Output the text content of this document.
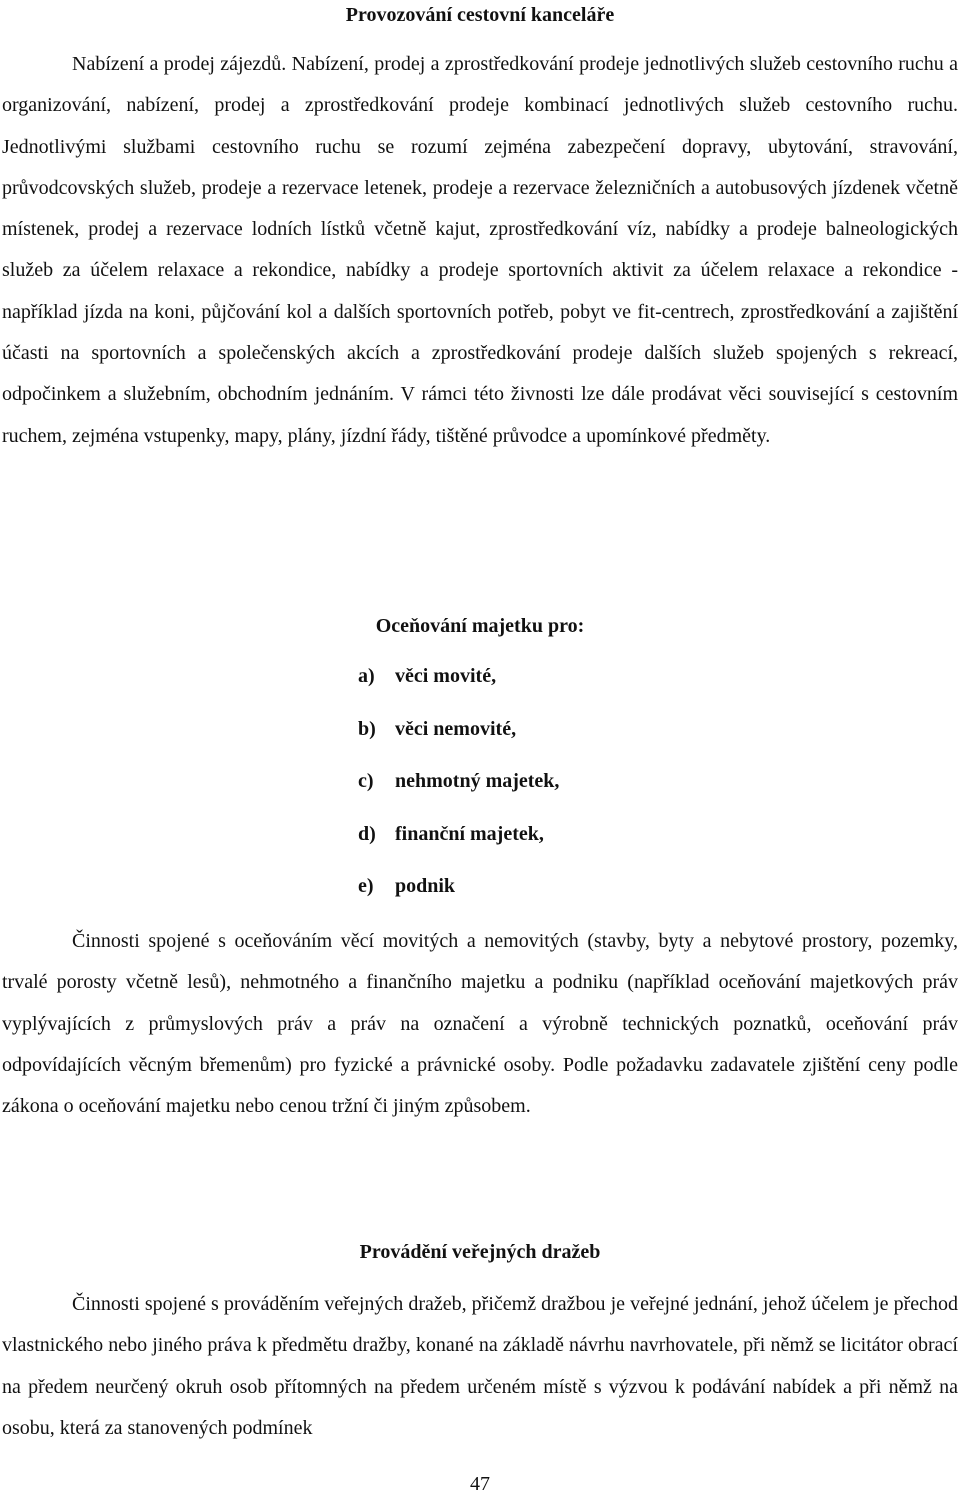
Provozování cestovní kanceláře

Nabízení a prodej zájezdů. Nabízení, prodej a zprostředkování prodeje jednotlivých služeb cestovního ruchu a organizování, nabízení, prodej a zprostředkování prodeje kombinací jednotlivých služeb cestovního ruchu. Jednotlivými službami cestovního ruchu se rozumí zejména zabezpečení dopravy, ubytování, stravování, průvodcovských služeb, prodeje a rezervace letenek, prodeje a rezervace železničních a autobusových jízdenek včetně místenek, prodej a rezervace lodních lístků včetně kajut, zprostředkování víz, nabídky a prodeje balneologických služeb za účelem relaxace a rekondice, nabídky a prodeje sportovních aktivit za účelem relaxace a rekondice - například jízda na koni, půjčování kol a dalších sportovních potřeb, pobyt ve fit-centrech, zprostředkování a zajištění účasti na sportovních a společenských akcích a zprostředkování prodeje dalších služeb spojených s rekreací, odpočinkem a služebním, obchodním jednáním. V rámci této živnosti lze dále prodávat věci související s cestovním ruchem, zejména vstupenky, mapy, plány, jízdní řády, tištěné průvodce a upomínkové předměty.

Oceňování majetku pro:
a) věci movité,
b) věci nemovité,
c) nehmotný majetek,
d) finanční majetek,
e) podnik

Činnosti spojené s oceňováním věcí movitých a nemovitých (stavby, byty a nebytové prostory, pozemky, trvalé porosty včetně lesů), nehmotného a finančního majetku a podniku (například oceňování majetkových práv vyplývajících z průmyslových práv a práv na označení a výrobně technických poznatků, oceňování práv odpovídajících věcným břemenům) pro fyzické a právnické osoby. Podle požadavku zadavatele zjištění ceny podle zákona o oceňování majetku nebo cenou tržní či jiným způsobem.

Provádění veřejných dražeb

Činnosti spojené s prováděním veřejných dražeb, přičemž dražbou je veřejné jednání, jehož účelem je přechod vlastnického nebo jiného práva k předmětu dražby, konané na základě návrhu navrhovatele, při němž se licitátor obrací na předem neurčený okruh osob přítomných na předem určeném místě s výzvou k podávání nabídek a při němž na osobu, která za stanovených podmínek

47
